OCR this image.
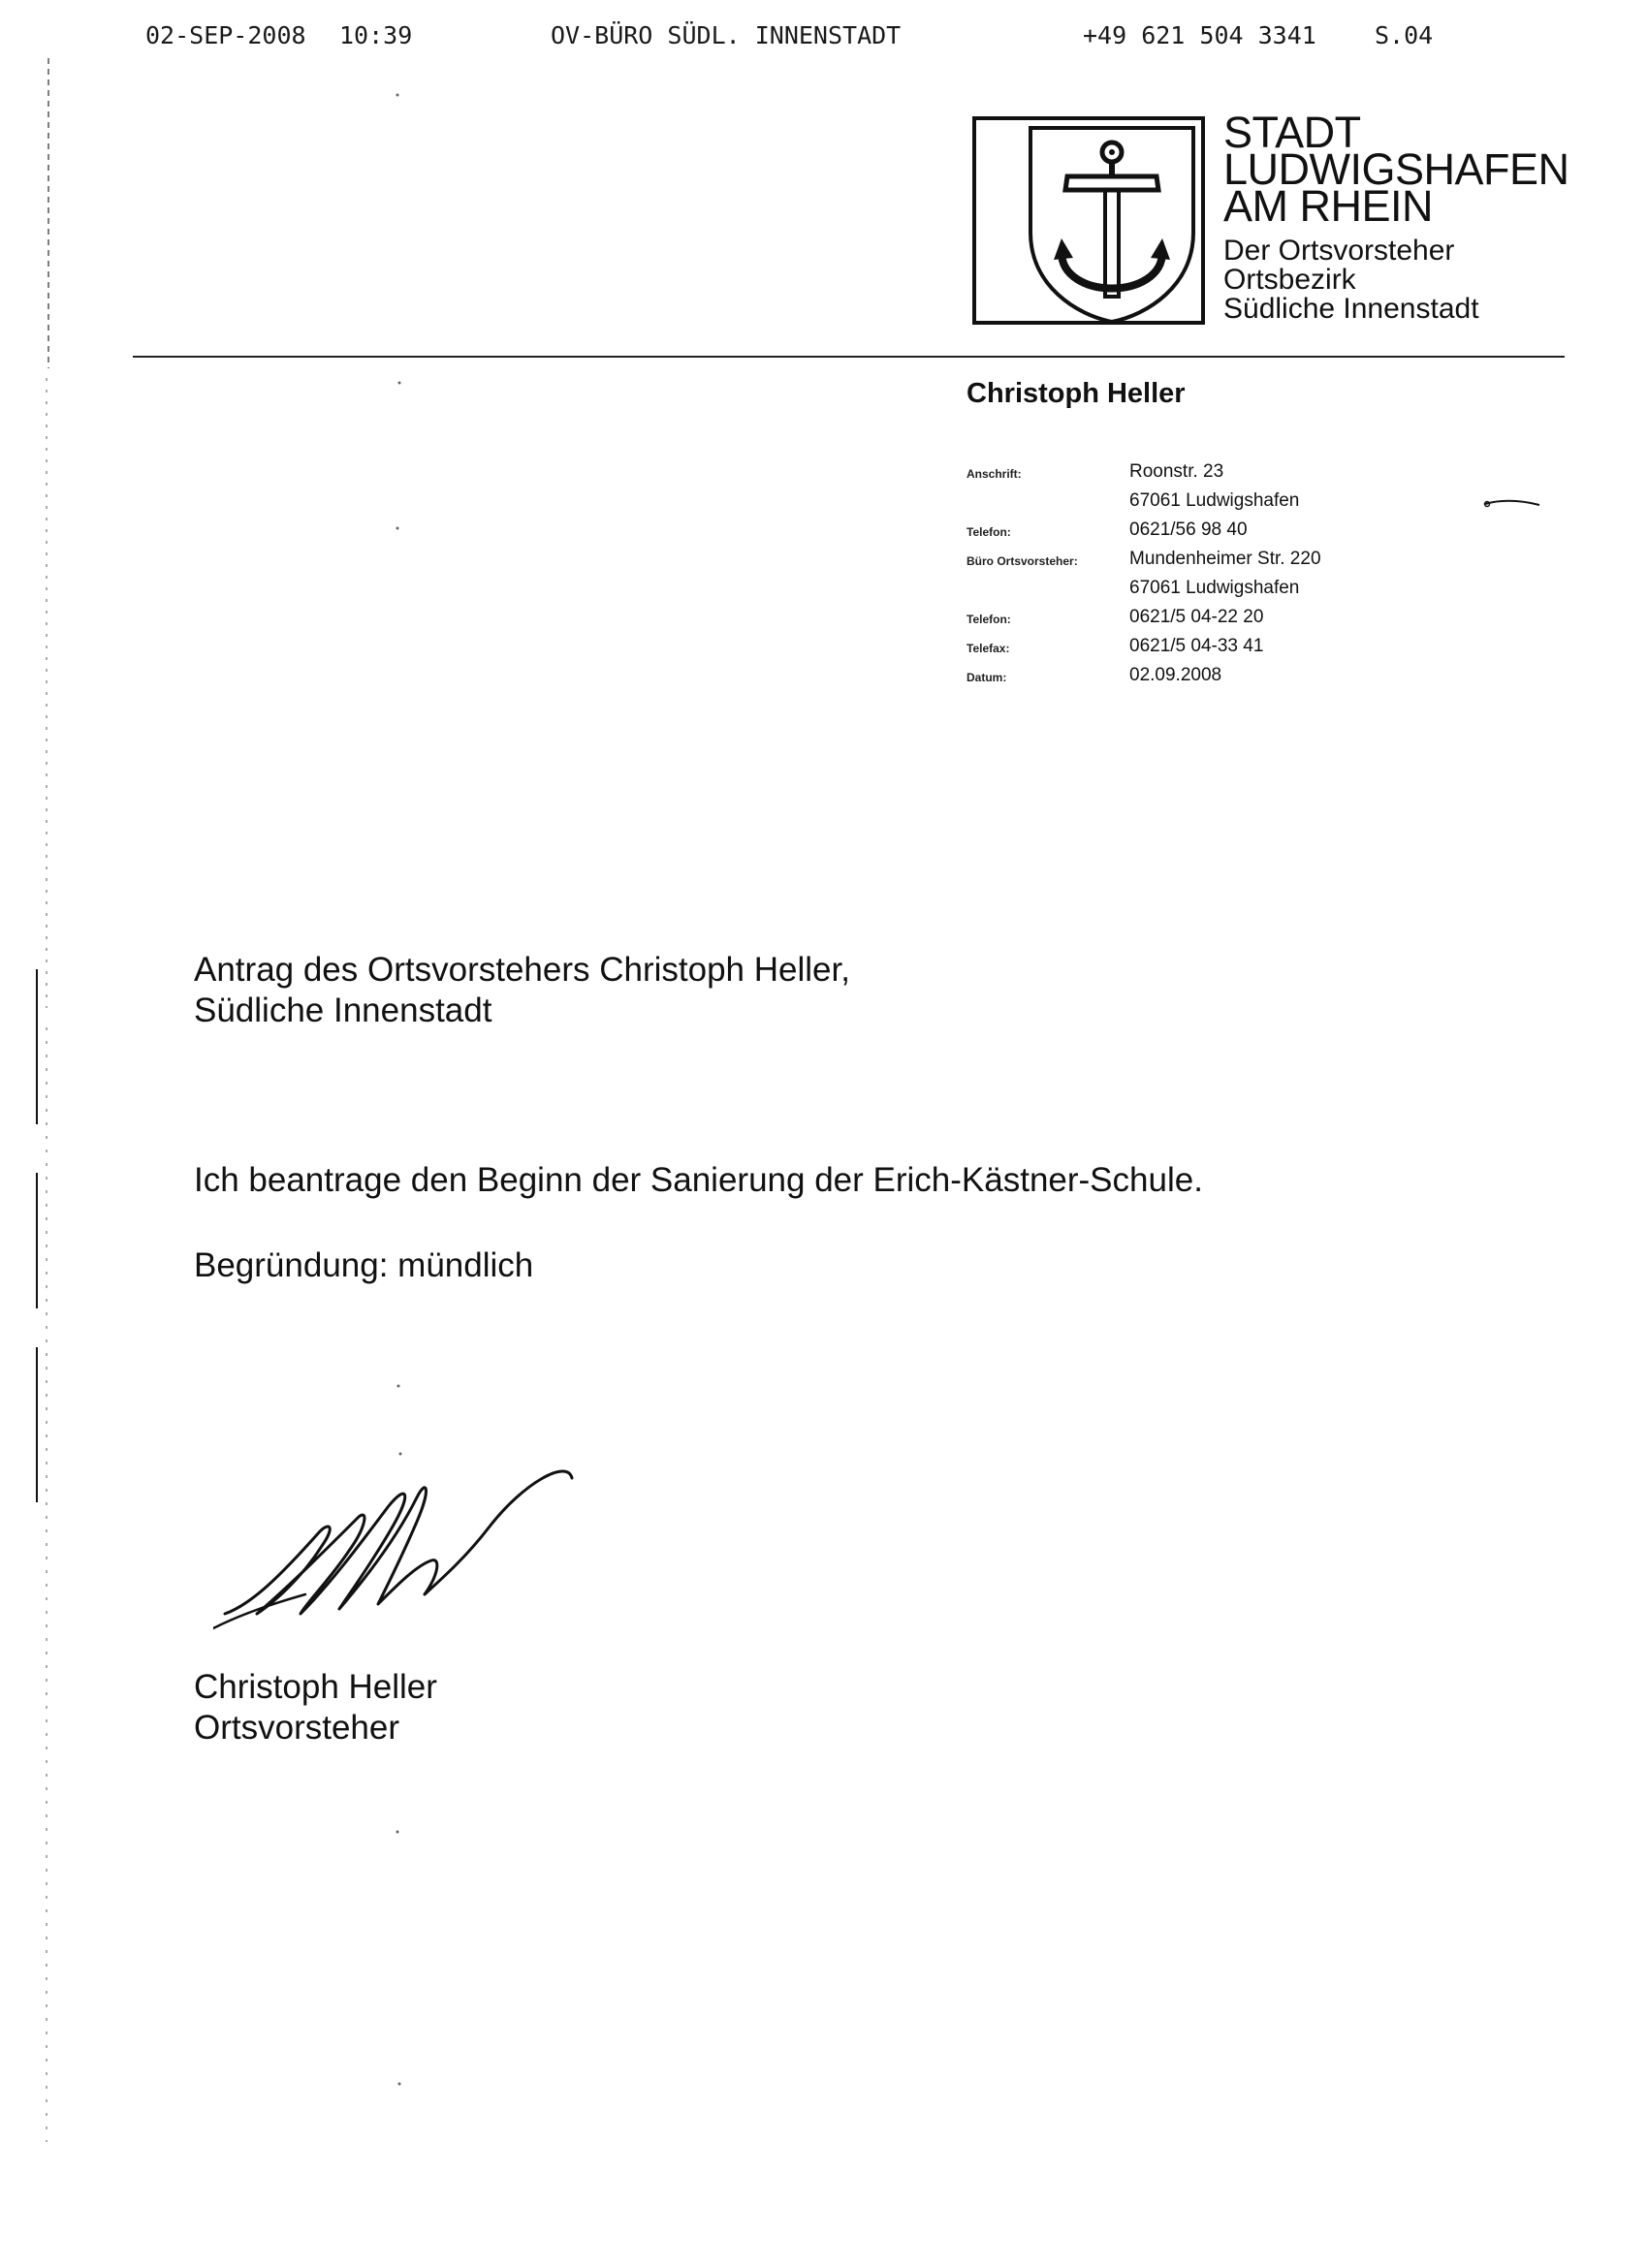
02-SEP-2008 10:39	OV-BÜRO SÜDL. INNENSTADT	+49 621 504 3341 S.04
STADT
LUDWIGSHAFEN
AM RHEIN
Der Ortsvorsteher
Ortsbezirk
Südliche Innenstadt
Christoph Heller
Anschrift:	Roonstr. 23
67061 Ludwigshafen
Telefon:	0621/56 98 40
Büro Ortsvorsteher:	Mundenheimer Str. 220
67061 Ludwigshafen
Telefon:	0621/5 04-22 20
Telefax:	0621/5 04-33 41
Datum:	02.09.2008
Antrag des Ortsvorstehers Christoph Heller,
Südliche Innenstadt
Ich beantrage den Beginn der Sanierung der Erich-Kästner-Schule.
Begründung: mündlich
Christoph Heller
Ortsvorsteher
